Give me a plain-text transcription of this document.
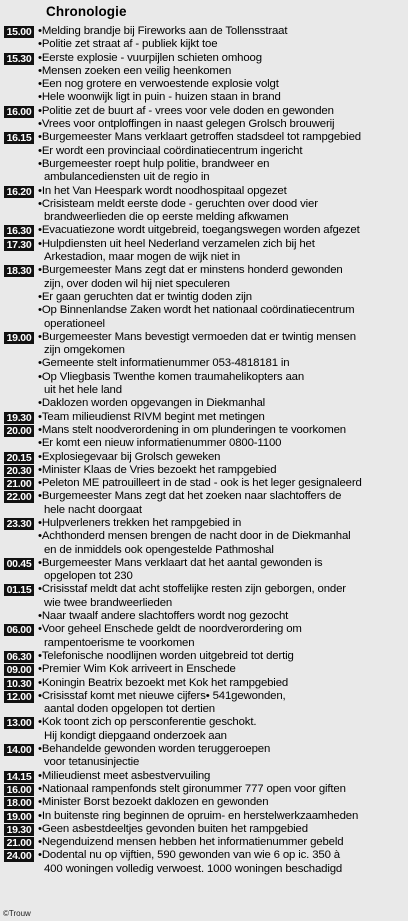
Chronologie
15.00 •Melding brandje bij Fireworks aan de Tollensstraat
•Politie zet straat af - publiek kijkt toe
15.30 •Eerste explosie - vuurpijlen schieten omhoog
•Mensen zoeken een veilig heenkomen
•Een nog grotere en verwoestende explosie volgt
•Hele woonwijk ligt in puin - huizen staan in brand
16.00 •Politie zet de buurt af - vrees voor vele doden en gewonden
•Vrees voor ontploffingen in naast gelegen Grolsch brouwerij
16.15 •Burgemeester Mans verklaart getroffen stadsdeel tot rampgebied
•Er wordt een provinciaal coördinatiecentrum ingericht
•Burgemeester roept hulp politie, brandweer en
ambulancediensten uit de regio in
16.20 •In het Van Heespark wordt noodhospitaal opgezet
•Crisisteam meldt eerste dode - geruchten over dood vier
brandweerlieden die op eerste melding afkwamen
16.30 •Evacuatiezone wordt uitgebreid, toegangswegen worden afgezet
17.30 •Hulpdiensten uit heel Nederland verzamelen zich bij het
Arkestadion, maar mogen de wijk niet in
18.30 •Burgemeester Mans zegt dat er minstens honderd gewonden
zijn, over doden wil hij niet speculeren
•Er gaan geruchten dat er twintig doden zijn
•Op Binnenlandse Zaken wordt het nationaal coördinatiecentrum
operationeel
19.00 •Burgemeester Mans bevestigt vermoeden dat er twintig mensen
zijn omgekomen
•Gemeente stelt informatienummer 053-4818181 in
•Op Vliegbasis Twenthe komen traumahelikopters aan
uit het hele land
•Daklozen worden opgevangen in Diekmanhal
19.30 •Team milieudienst RIVM begint met metingen
20.00 •Mans stelt noodverordening in om plunderingen te voorkomen
•Er komt een nieuw informatienummer 0800-1100
20.15 •Explosiegevaar bij Grolsch geweken
20.30 •Minister Klaas de Vries bezoekt het rampgebied
21.00 •Peleton ME patrouilleert in de stad - ook is het leger gesignaleerd
22.00 •Burgemeester Mans zegt dat het zoeken naar slachtoffers de
hele nacht doorgaat
23.30 •Hulpverleners trekken het rampgebied in
•Achthonderd mensen brengen de nacht door in de Diekmanhal
en de inmiddels ook opengestelde Pathmoshal
00.45 •Burgemeester Mans verklaart dat het aantal gewonden is
opgelopen tot 230
01.15 •Crisisstaf meldt dat acht stoffelijke resten zijn geborgen, onder
wie twee brandweerlieden
•Naar twaalf andere slachtoffers wordt nog gezocht
06.00 •Voor geheel Enschede geldt de noordverordering om
rampentoerisme te voorkomen
06.30 •Telefonische noodlijnen worden uitgebreid tot dertig
09.00 •Premier Wim Kok arriveert in Enschede
10.30 •Koningin Beatrix bezoekt met Kok het rampgebied
12.00 •Crisisstaf komt met nieuwe cijfers• 541gewonden,
aantal doden opgelopen tot dertien
13.00 •Kok toont zich op persconferentie geschokt.
Hij kondigt diepgaand onderzoek aan
14.00 •Behandelde gewonden worden teruggeroepen
voor tetanusinjectie
14.15 •Milieudienst meet asbestvervuiling
16.00 •Nationaal rampenfonds stelt gironummer 777 open voor giften
18.00 •Minister Borst bezoekt daklozen en gewonden
19.00 •In buitenste ring beginnen de opruim- en herstelwerkzaamheden
19.30 •Geen asbestdeeltjes gevonden buiten het rampgebied
21.00 •Negenduizend mensen hebben het informatienummer gebeld
24.00 •Dodental nu op vijftien, 590 gewonden van wie 6 op ic. 350 à
400 woningen volledig verwoest. 1000 woningen beschadigd
©Trouw
